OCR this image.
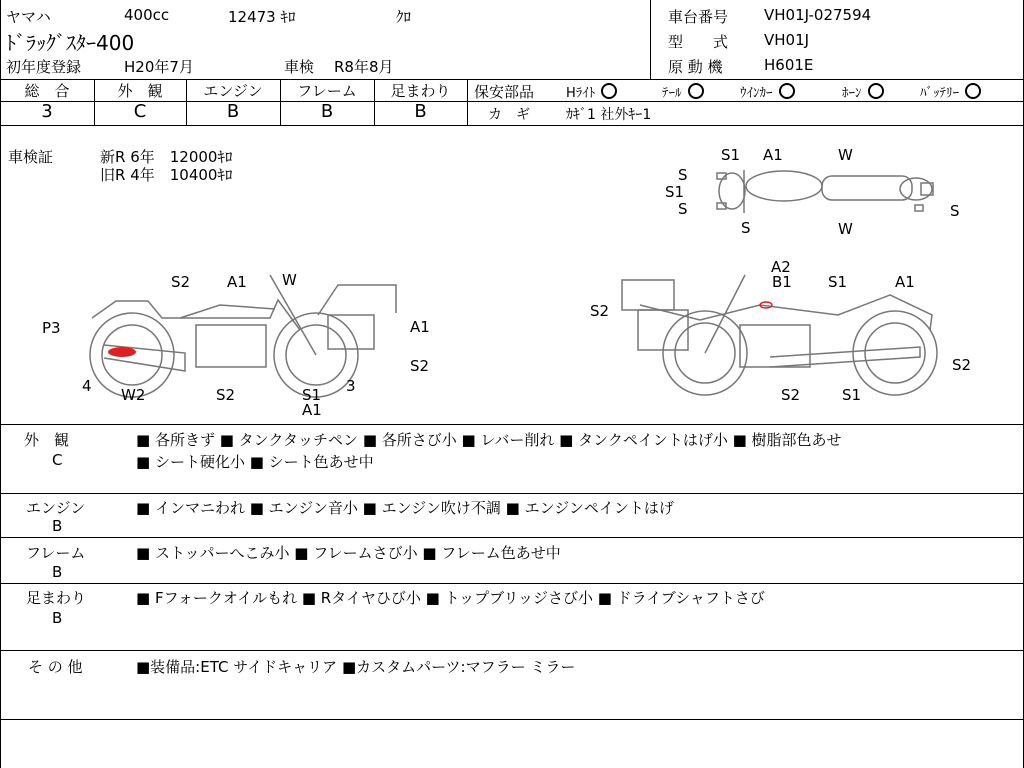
ヤマハ	400cc	12473 ｷﾛ	ｸﾛ
ﾄﾞﾗｯｸﾞｽﾀｰ400
初年度登録	H20年7月	車検 R8年8月
車台番号 VH01J-027594
型　　式 VH01J
原 動 機	H601E
総　合	外　観	エンジン	フレーム	足まわり
3	C	B	B	B
保安部品 Hﾗｲﾄ	ﾃｰﾙ	ｳｲﾝｶｰ	ﾎｰﾝ	ﾊﾞｯﾃﾘｰ
カ　ギ	ｶｷﾞ1 社外ｷｰ1
車検証	新R 6年　12000ｷﾛ
旧R 4年　10400ｷﾛ
S1 A1	W
S
S1
S
S	W
S
S2 A1 W
P3	A1
S2
4 W2	S2	S1
A1
3
A2
B1 S1	A1
S2
S2
S2	S1
外　観
C
■ 各所きず ■ タンクタッチペン ■ 各所さび小 ■ レバー削れ ■ タンクペイントはげ小 ■ 樹脂部色あせ
■ シート硬化小 ■ シート色あせ中
エンジン
B
■ インマニわれ ■ エンジン音小 ■ エンジン吹け不調 ■ エンジンペイントはげ
フレーム
B
■ ストッパーへこみ小 ■ フレームさび小 ■ フレーム色あせ中
足まわり
B
■ Fフォークオイルもれ ■ Rタイヤひび小 ■ トップブリッジさび小 ■ ドライブシャフトさび
そ の 他	■装備品:ETC サイドキャリア ■カスタムパーツ:マフラー ミラー
